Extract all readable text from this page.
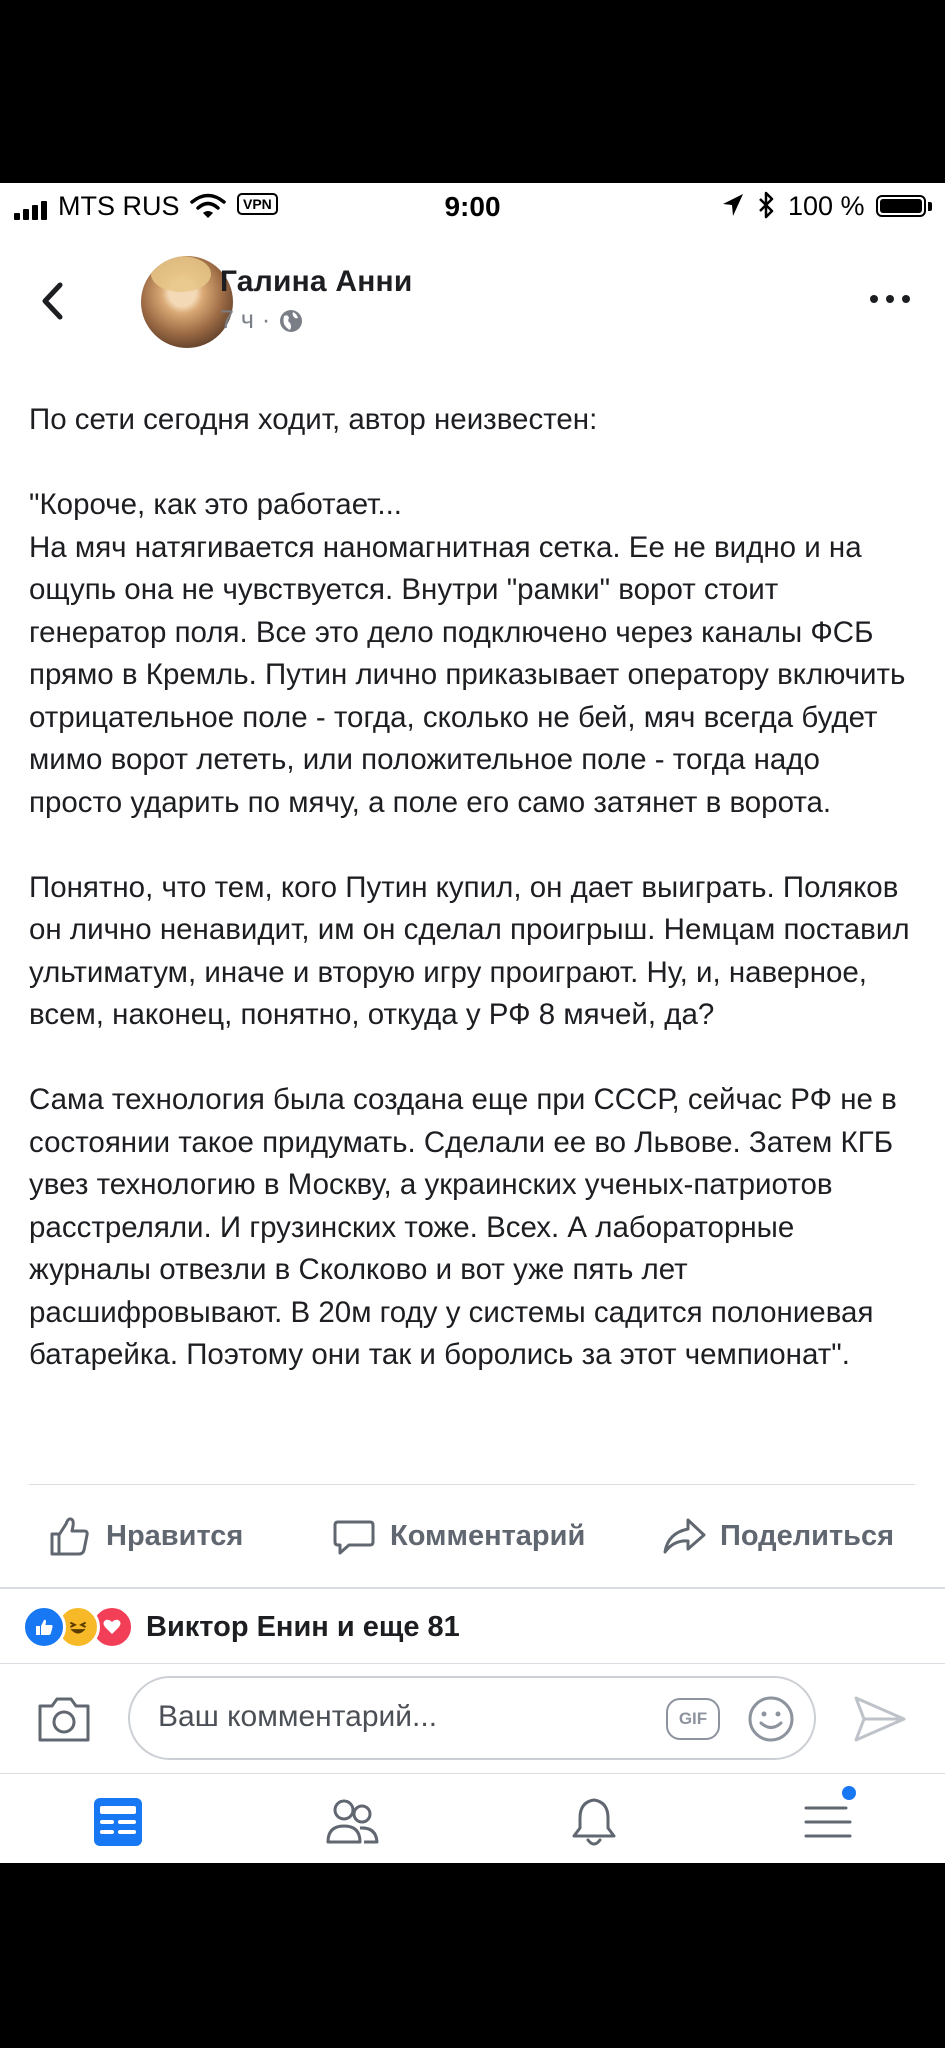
MTS RUS	VPN	9:00	100 %
Галина Анни
7 ч ·

По сети сегодня ходит, автор неизвестен:

"Короче, как это работает...

На мяч натягивается наномагнитная сетка. Ее не видно и на ощупь она не чувствуется. Внутри "рамки" ворот стоит генератор поля. Все это дело подключено через каналы ФСБ прямо в Кремль. Путин лично приказывает оператору включить отрицательное поле - тогда, сколько не бей, мяч всегда будет мимо ворот лететь, или положительное поле - тогда надо просто ударить по мячу, а поле его само затянет в ворота.

Понятно, что тем, кого Путин купил, он дает выиграть. Поляков он лично ненавидит, им он сделал проигрыш. Немцам поставил ультиматум, иначе и вторую игру проиграют. Ну, и, наверное, всем, наконец, понятно, откуда у РФ 8 мячей, да?

Сама технология была создана еще при СССР, сейчас РФ не в состоянии такое придумать. Сделали ее во Львове. Затем КГБ увез технологию в Москву, а украинских ученых-патриотов расстреляли. И грузинских тоже. Всех. А лабораторные журналы отвезли в Сколково и вот уже пять лет расшифровывают. В 20м году у системы садится полониевая батарейка. Поэтому они так и боролись за этот чемпионат".

Нравится	Комментарий	Поделиться
Виктор Енин и еще 81
Ваш комментарий...	GIF
